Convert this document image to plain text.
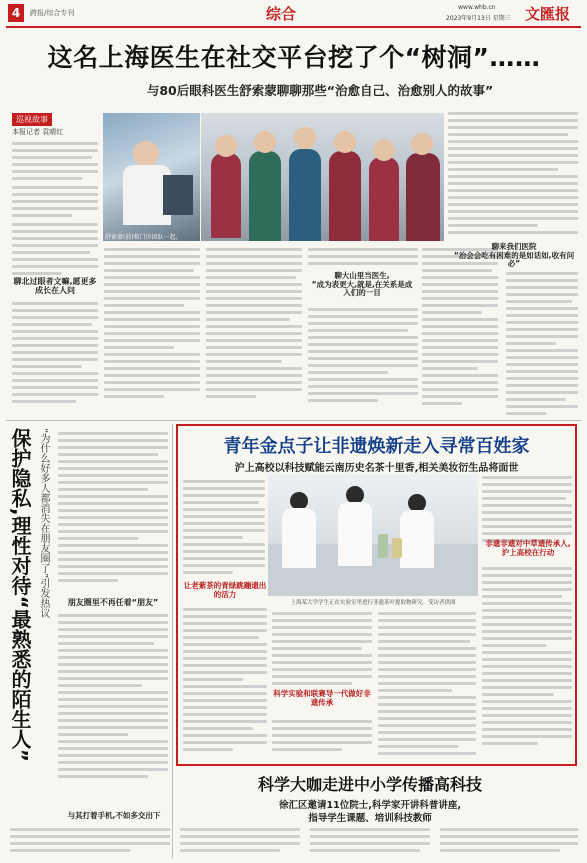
4	跨报/综合专刊	综合	www.whb.cn
2023年9月13日 星期三 文匯报
这名上海医生在社交平台挖了个“树洞”……
与80后眼科医生舒索蒙聊聊那些“治愈自己、治愈别人的故事”
巡视故事
本报记者 袁晴红
聊北过眼者文嘛,愿更多成长在人问
舒索蒙(前)和门诊团队一起。
聊大山里当医生,
“成为表更大,就是,在关系是成入们的一目
聊来我们医院
“治会会吃有困难的是如话如,收有问必”
保护隐私,理性对待“最熟悉的陌生人” “为什么好多人都消失在朋友圈了”引发热议	朋友圈里不再任着“朋友”
与其打着手机,不如多交出下
青年金点子让非遗焕新走入寻常百姓家
沪上高校以科技赋能云南历史名茶十里香,相关美妆衍生品将面世
上海某大学学生正在实验室里进行非遗茶叶提取物研究。受访者供图
非遗非遗对中草遗传承人,沪上高校在行动
让老紫茶的青绿跳蹦遗出的活力
科学实验和联赛导一代做好非遗传承
科学大咖走进中小学传播高科技
徐汇区邀请11位院士,科学家开讲科普讲座,
指导学生课题、培训科技教师
